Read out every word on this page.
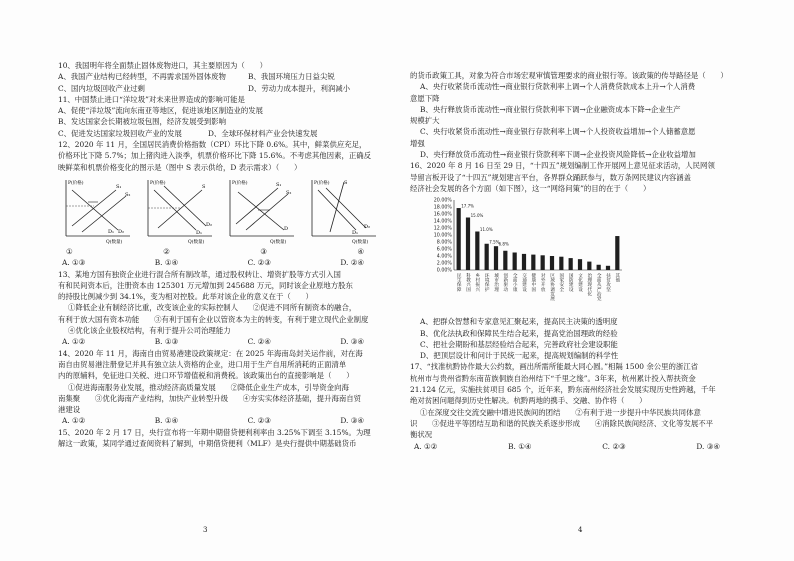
10、我国明年将全面禁止固体废物进口，其主要原因为（　　）
A、我国产业结构已经转型，不再需求国外固体废物	B、我国环境压力日益尖锐
C、国内垃圾回收产业过剩	D、劳动力成本提升，利润减小
11、中国禁止进口“洋垃圾”对未来世界造成的影响可能是
A、促使“洋垃圾”流向东南亚等地区，促进该地区制造业的发展
B、发达国家会长期被垃圾包围，经济发展受到影响
C、促进发达国家垃圾回收产业的发展	D、全球环保材料产业会快速发展
12、2020 年 11 月，全国居民消费价格指数（CPI）环比下降 0.6%。其中，鲜菜供应充足，
价格环比下降 5.7%；加上猪肉进入淡季，机票价格环比下降 15.6%。不考虑其他因素，正确反
映鲜菜和机票价格变化的图示是（图中 S 表示供给，D 表示需求）（　　）
P(价格)
Q(数量)
S₁
S₂
D₁ D₂
P(价格)
Q(数量)
S
D₁
D₂
P(价格)
Q(数量)
S₁
S₂
D
P(价格)
Q(数量)
S
D₁
D₂
①	②	③	④
A. ①③	B. ①④	C. ②③	D. ②④
13、某地方国有独资企业进行混合所有制改革，通过股权转让、增资扩股等方式引入国
有和民间资本后，注册资本由 125301 万元增加到 245688 万元，同时该企业原地方股东
的持股比例减少到 34.1%，变为相对控股。此举对该企业的意义在于（　　）
①降低企业有制经济比重，改变该企业的实际控制人　　②促进不同所有制资本的融合，
有利于放大国有资本功能　　③有利于国有企业以管资本为主的转变，有利于建立现代企业制度
④优化该企业股权结构，有利于提升公司治理能力
A. ①②	B. ①③	C. ②④	D. ③④
14、2020 年 11 月，海南自由贸易港建设政策规定：在 2025 年海南岛封关运作前，对在海
南自由贸易港注册登记并具有独立法人资格的企业，进口用于生产自用所消耗的正面清单
内的原辅料，免征进口关税、进口环节增值税和消费税。该政策出台的直接影响是（　　）
①促进海南服务业发展，推动经济高质量发展　　②降低企业生产成本，引导资金向海
南集聚　　③优化海南产业结构，加快产业转型升级　　④夯实实体经济基础，提升海南自贸
港建设
A. ①②	B. ①④	C. ②③	D. ③④
15、2020 年 2 月 17 日，央行宣布将一年期中期借贷便利利率由 3.25%下调至 3.15%。为理
解这一政策，某同学通过查阅资料了解到，中期借贷便利（MLF）是央行提供中期基础货币
3
的货币政策工具，对象为符合市场宏观审慎管理要求的商业银行等。该政策的传导路径是（　　）
A、央行收紧货币流动性→商业银行贷款利率上调→个人消费贷款成本上升→个人消费
意愿下降
B、央行释放货币流动性→商业银行贷款利率下调→企业融资成本下降→企业生产
规模扩大
C、央行收紧货币流动性→商业银行存款利率上调→个人投资收益增加→个人储蓄意愿
增强
D、央行释放货币流动性→商业银行贷款利率下调→企业投资风险降低→企业收益增加
16、2020 年 8 月 16 日至 29 日，“十四五”规划编制工作开展网上意见征求活动，人民网领
导留言板开设了“十四五”规划建言平台，各界群众踊跃参与，数万条网民建议内容涵盖
经济社会发展的各个方面（如下图），这一“网络问策”的目的在于（　　）
20.00%
18.00%
16.00%
14.00%
12.00%
10.00%
8.00%
6.00%
4.00%
2.00%
0.00%
17.7%
民生保障
15.0%
科教兴国
11.0%
乡村振兴
7.5%
环境保护
6.8%
城市治理 创新驱动 全面小康 交通建设 健康中国 对外开放 区域协调发展 国家安全 国防建设 文化建设 治理现代化 全面从严治党 扶贫攻坚 其他
A、把群众智慧和专家意见汇聚起来，提高民主决策的透明度
B、优化法执政和保障民生结合起来，提高党治国理政的经验
C、把社会期盼和基层经验结合起来，完善政府社会建设职能
D、把顶层设计和问计于民统一起来，提高规划编制的科学性
17、“找准杭黔协作最大公约数，画出所需所能最大同心圆。”相隔 1500 余公里的浙江省
杭州市与贵州省黔东南苗族侗族自治州结下“千里之缘”。3年来，杭州累计投入帮扶资金
21.124 亿元，实施扶贫项目 685 个，近年来，黔东南州经济社会发展实现历史性跨越，千年
绝对贫困问题得到历史性解决。杭黔两地的携手、交融、协作将（　　）
①在深度交往交流交融中增进民族间的团结　　②有利于进一步提升中华民族共同体意
识　　③促进平等团结互助和谐的民族关系逐步形成　　④消除民族间经济、文化等发展不平
衡状况
A. ①②	B. ①④	C. ②③	D. ③④
4
